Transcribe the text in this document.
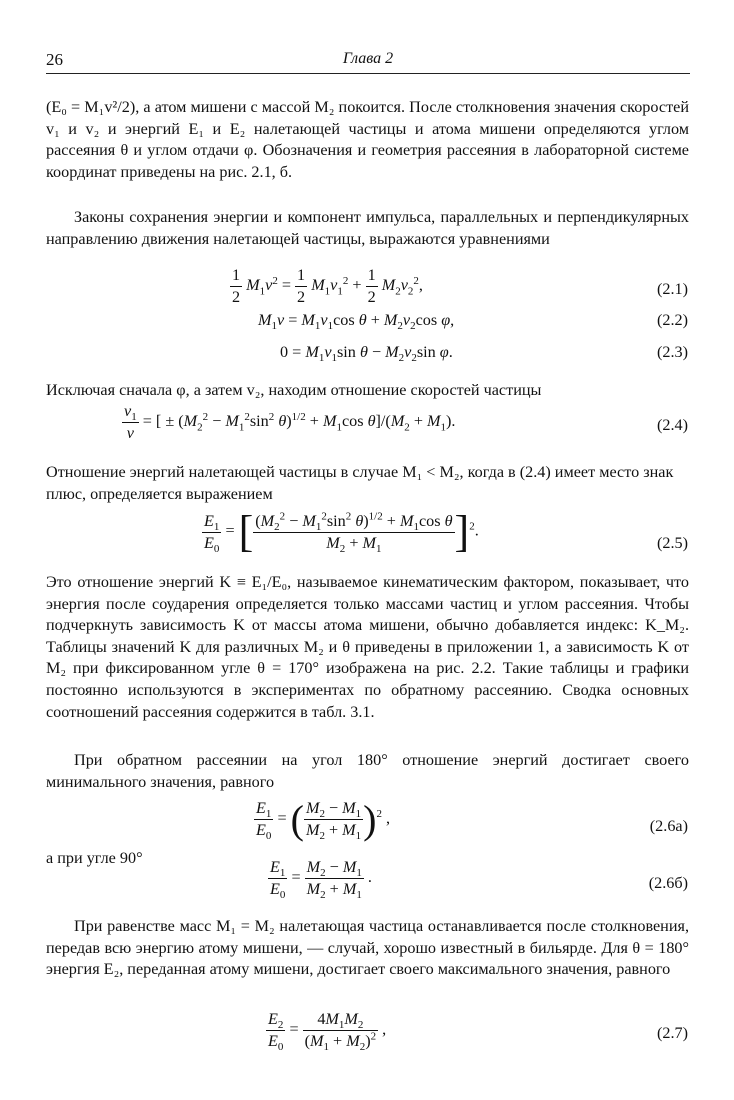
26	Глава 2
(E₀ = M₁v²/2), а атом мишени с массой M₂ покоится. После столкновения значения скоростей v₁ и v₂ и энергий E₁ и E₂ налетающей частицы и атома мишени определяются углом рассеяния θ и углом отдачи φ. Обозначения и геометрия рассеяния в лабораторной системе координат приведены на рис. 2.1, б.
Законы сохранения энергии и компонент импульса, параллельных и перпендикулярных направлению движения налетающей частицы, выражаются уравнениями
$\frac{1}{2} M_1v^2 = \frac{1}{2} M_1v_1^2 + \frac{1}{2} M_2v_2^2$,	(2.1)
$M_1v = M_1v_1\cos$ $\theta + M_2v_2\cos$ φ,	(2.2)
$0 = M_1v_1\sin$ $\theta - M_2v_2\sin$ φ.	(2.3)
Исключая сначала φ, а затем v₂, находим отношение скоростей частицы
$\frac{v_1}{v}$ = [ ± ($M_2^2 - M_1^2\sin^2$ $\theta)^{1/2} + M_1\cos$ $\theta]/(M_2 + M_1)$.	(2.4)
Отношение энергий налетающей частицы в случае M₁ < M₂, когда в (2.4) имеет место знак плюс, определяется выражением
$\frac{E_1}{E_0}$ = [ $\frac{(M_2^2 - M_1^2\sin^2 \theta)^{1/2} + M_1\cos \theta}{M_2 + M_1} ]^2$.
(2.5)
Это отношение энергий K ≡ E₁/E₀, называемое кинематическим фактором, показывает, что энергия после соударения определяется только массами частиц и углом рассеяния. Чтобы подчеркнуть зависимость K от массы атома мишени, обычно добавляется индекс: K_M₂. Таблицы значений K для различных M₂ и θ приведены в приложении 1, а зависимость K от M₂ при фиксированном угле θ = 170° изображена на рис. 2.2. Такие таблицы и графики постоянно используются в экспериментах по обратному рассеянию. Сводка основных соотношений рассеяния содержится в табл. 3.1.
При обратном рассеянии на угол 180° отношение энергий достигает своего минимального значения, равного
$\frac{E_1}{E_0}$ = ( $\frac{M_2 - M_1}{M_2 + M_1} )^2$ ,	(2.6а)
а при угле 90°	$\frac{E_1}{E_0} = \frac{M_2 - M_1}{M_2 + M_1}$ .	(2.6б)
При равенстве масс M₁ = M₂ налетающая частица останавливается после столкновения, передав всю энергию атому мишени, — случай, хорошо известный в бильярде. Для θ = 180° энергия E₂, переданная атому мишени, достигает своего максимального значения, равного
$\frac{E_2}{E_0} = \frac{4M_1M_2}{(M_1 + M_2)^2}$ ,	(2.7)
